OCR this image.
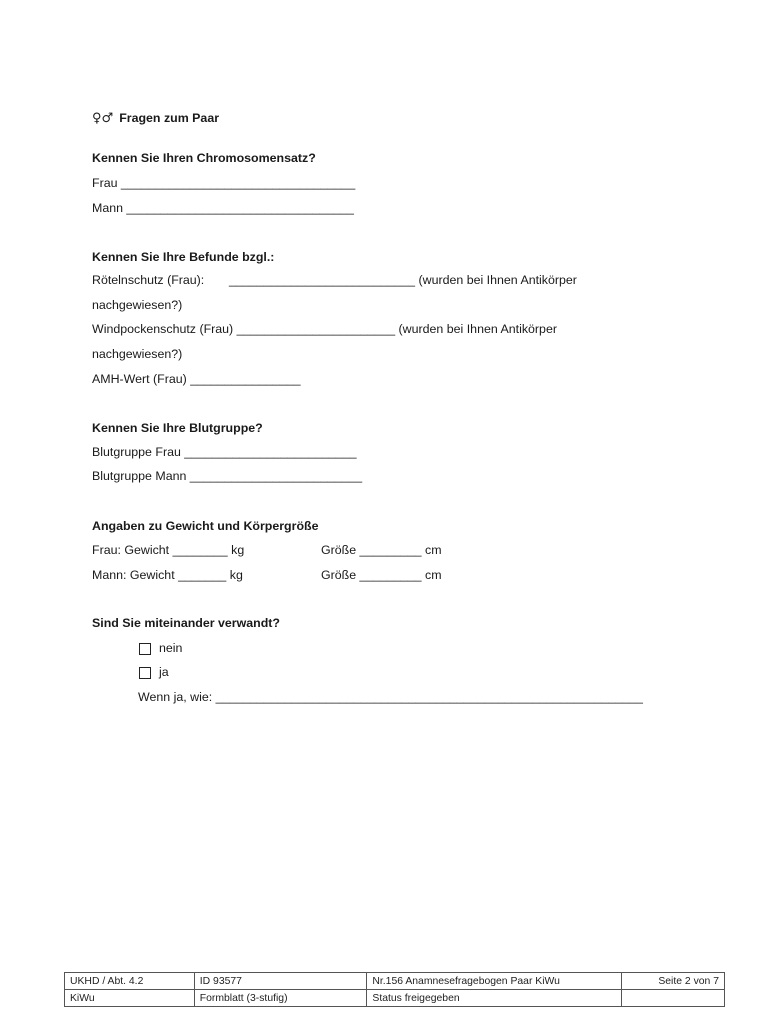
♀♂ Fragen zum Paar
Kennen Sie Ihren Chromosomensatz?
Frau __________________________________
Mann _________________________________
Kennen Sie Ihre Befunde bzgl.:
Rötelnschutz (Frau): ___________________________ (wurden bei Ihnen Antikörper
nachgewiesen?)
Windpockenschutz (Frau) _______________________ (wurden bei Ihnen Antikörper
nachgewiesen?)
AMH-Wert (Frau) ________________
Kennen Sie Ihre Blutgruppe?
Blutgruppe Frau _________________________
Blutgruppe Mann _________________________
Angaben zu Gewicht und Körpergröße
Frau: Gewicht ________ kg	Größe _________ cm
Mann: Gewicht _______ kg	Größe _________ cm
Sind Sie miteinander verwandt?
nein
ja
Wenn ja, wie: ______________________________________________________________
UKHD / Abt. 4.2	ID 93577	Nr.156 Anamnesefragebogen Paar KiWu	Seite 2 von 7
KiWu	Formblatt (3-stufig)	Status freigegeben	
